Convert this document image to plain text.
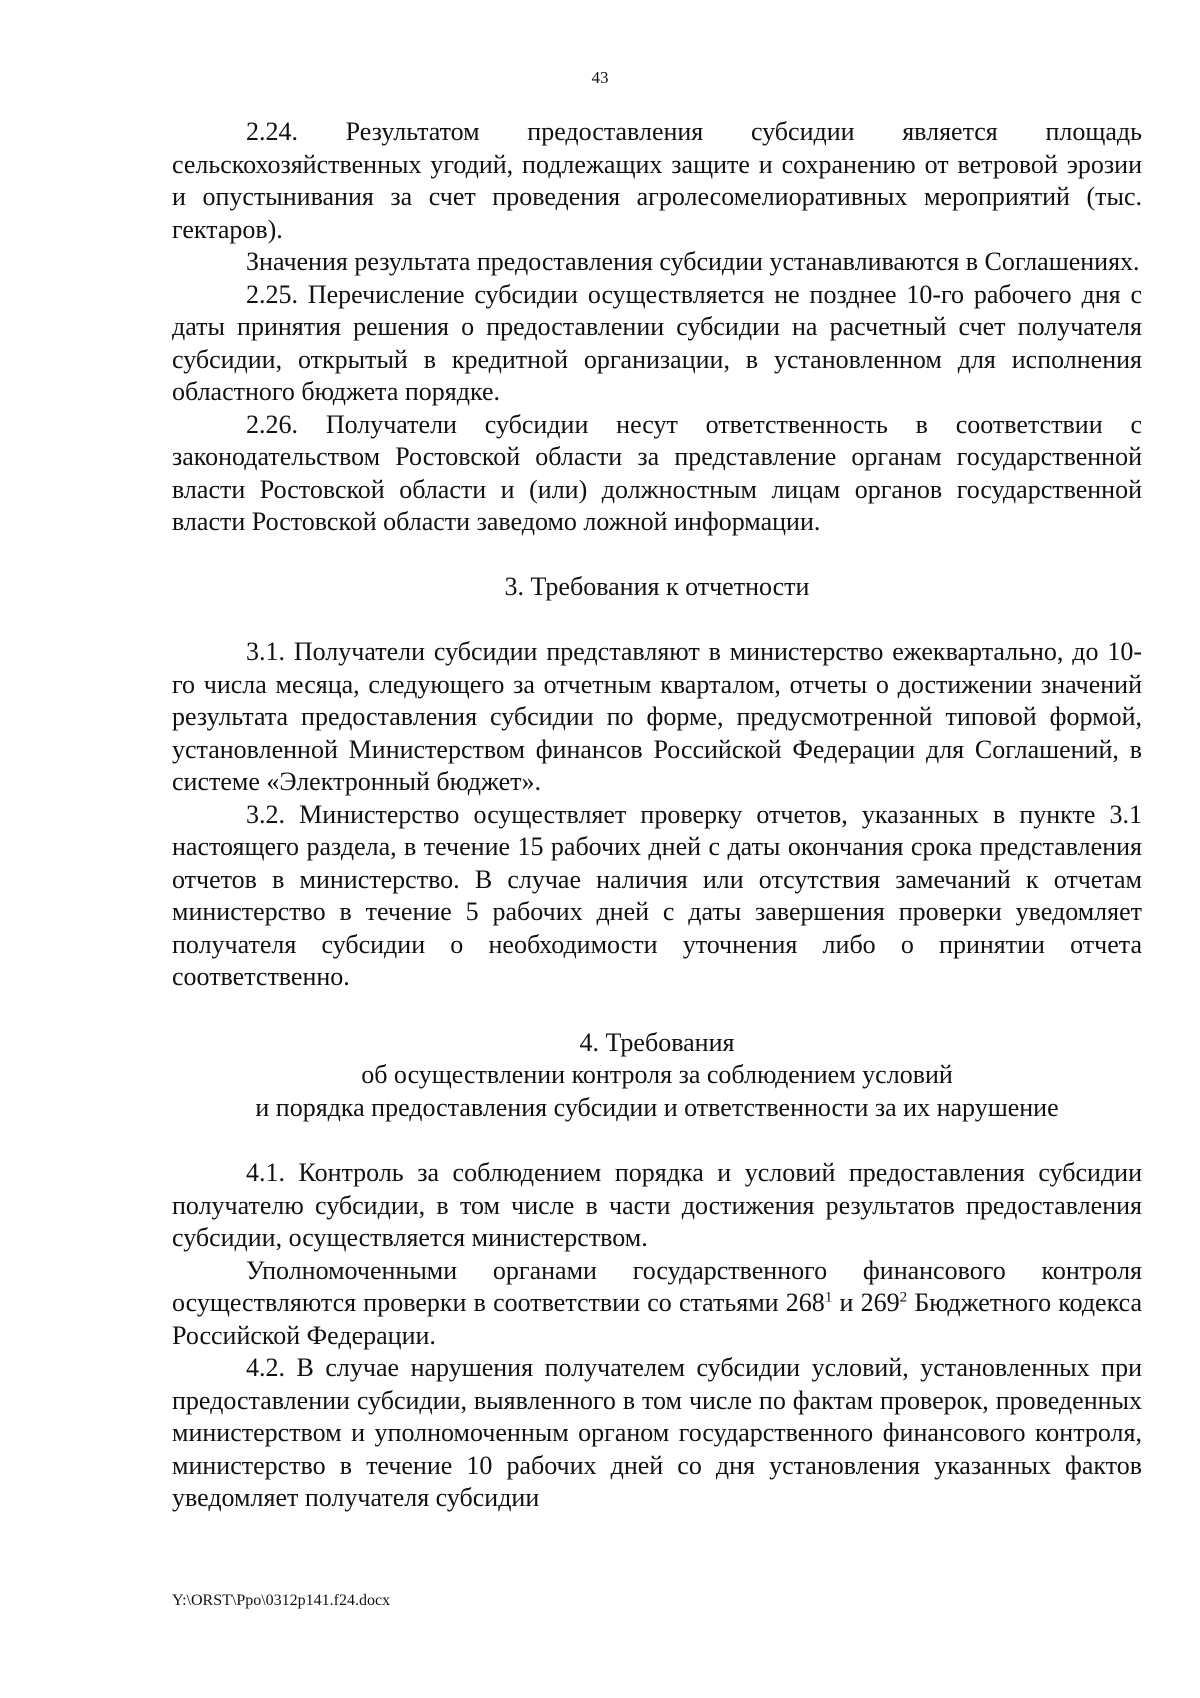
43

2.24. Результатом предоставления субсидии является площадь сельскохозяйственных угодий, подлежащих защите и сохранению от ветровой эрозии и опустынивания за счет проведения агролесомелиоративных мероприятий (тыс. гектаров).

Значения результата предоставления субсидии устанавливаются в Соглашениях.

2.25. Перечисление субсидии осуществляется не позднее 10-го рабочего дня с даты принятия решения о предоставлении субсидии на расчетный счет получателя субсидии, открытый в кредитной организации, в установленном для исполнения областного бюджета порядке.

2.26. Получатели субсидии несут ответственность в соответствии с законодательством Ростовской области за представление органам государственной власти Ростовской области и (или) должностным лицам органов государственной власти Ростовской области заведомо ложной информации.

3. Требования к отчетности

3.1. Получатели субсидии представляют в министерство ежеквартально, до 10-го числа месяца, следующего за отчетным кварталом, отчеты о достижении значений результата предоставления субсидии по форме, предусмотренной типовой формой, установленной Министерством финансов Российской Федерации для Соглашений, в системе «Электронный бюджет».

3.2. Министерство осуществляет проверку отчетов, указанных в пункте 3.1 настоящего раздела, в течение 15 рабочих дней с даты окончания срока представления отчетов в министерство. В случае наличия или отсутствия замечаний к отчетам министерство в течение 5 рабочих дней с даты завершения проверки уведомляет получателя субсидии о необходимости уточнения либо о принятии отчета соответственно.

4. Требования
об осуществлении контроля за соблюдением условий
и порядка предоставления субсидии и ответственности за их нарушение

4.1. Контроль за соблюдением порядка и условий предоставления субсидии получателю субсидии, в том числе в части достижения результатов предоставления субсидии, осуществляется министерством.

Уполномоченными органами государственного финансового контроля осуществляются проверки в соответствии со статьями $268^1$ и $269^2$ Бюджетного кодекса Российской Федерации.

4.2. В случае нарушения получателем субсидии условий, установленных при предоставлении субсидии, выявленного в том числе по фактам проверок, проведенных министерством и уполномоченным органом государственного финансового контроля, министерство в течение 10 рабочих дней со дня установления указанных фактов уведомляет получателя субсидии

Y:\ORST\Ppo\0312p141.f24.docx
